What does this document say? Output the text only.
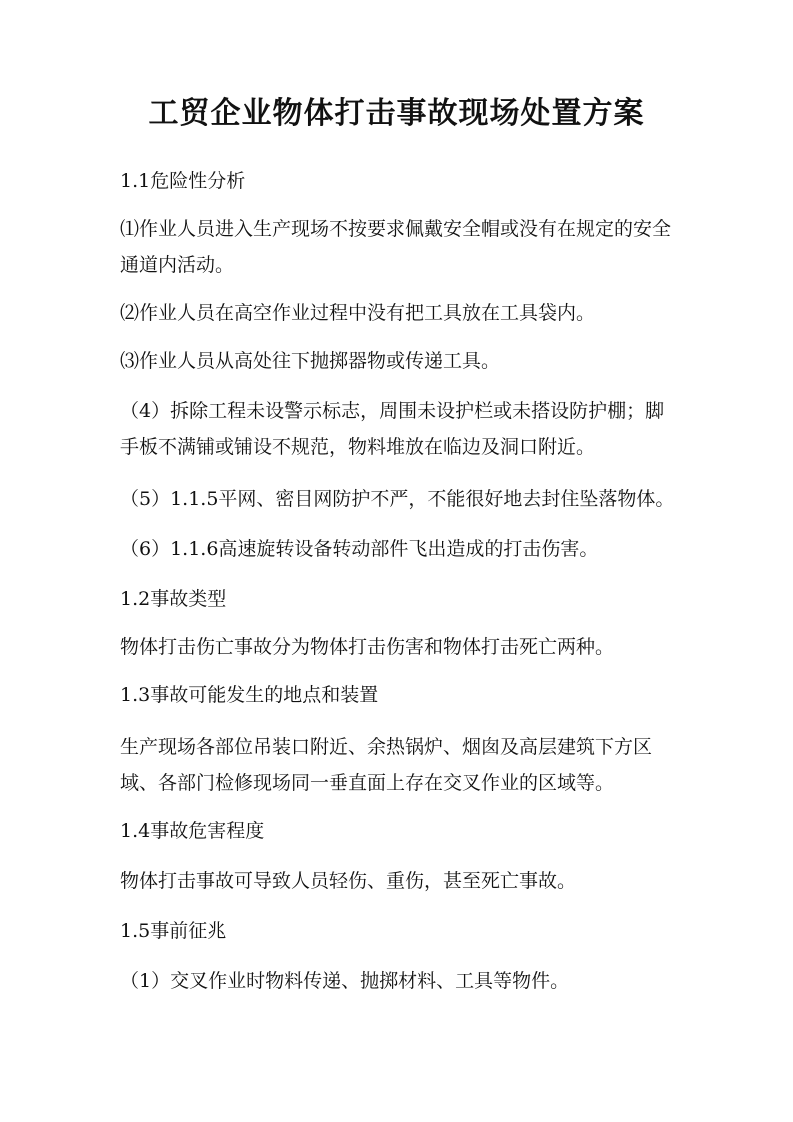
工贸企业物体打击事故现场处置方案

1.1危险性分析

⑴作业人员进入生产现场不按要求佩戴安全帽或没有在规定的安全通道内活动。

⑵作业人员在高空作业过程中没有把工具放在工具袋内。

⑶作业人员从高处往下抛掷器物或传递工具。

（4）拆除工程未设警示标志，周围未设护栏或未搭设防护棚；脚手板不满铺或铺设不规范，物料堆放在临边及洞口附近。

（5）1.1.5平网、密目网防护不严，不能很好地去封住坠落物体。

（6）1.1.6高速旋转设备转动部件飞出造成的打击伤害。

1.2事故类型

物体打击伤亡事故分为物体打击伤害和物体打击死亡两种。

1.3事故可能发生的地点和装置

生产现场各部位吊装口附近、余热锅炉、烟囱及高层建筑下方区域、各部门检修现场同一垂直面上存在交叉作业的区域等。

1.4事故危害程度

物体打击事故可导致人员轻伤、重伤，甚至死亡事故。

1.5事前征兆

（1）交叉作业时物料传递、抛掷材料、工具等物件。
